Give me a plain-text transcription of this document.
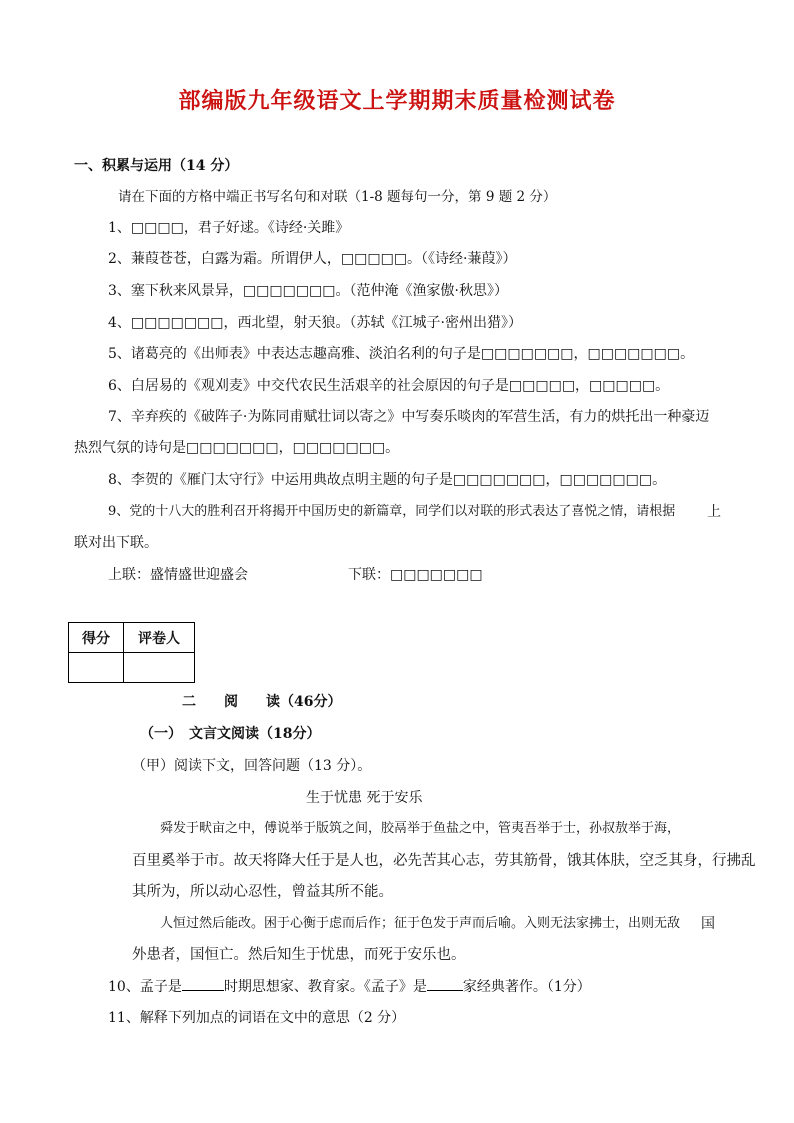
部编版九年级语文上学期期末质量检测试卷
一、积累与运用（14 分）
请在下面的方格中端正书写名句和对联（1-8 题每句一分，第 9 题 2 分）
1、□□□□，君子好逑。《诗经·关雎》
2、蒹葭苍苍，白露为霜。所谓伊人，□□□□□。（《诗经·蒹葭》）
3、塞下秋来风景异，□□□□□□□。（范仲淹《渔家傲·秋思》）
4、□□□□□□□，西北望，射天狼。（苏轼《江城子·密州出猎》）
5、诸葛亮的《出师表》中表达志趣高雅、淡泊名利的句子是□□□□□□□，□□□□□□□。
6、白居易的《观刈麦》中交代农民生活艰辛的社会原因的句子是□□□□□，□□□□□。
7、辛弃疾的《破阵子·为陈同甫赋壮词以寄之》中写奏乐啖肉的军营生活，有力的烘托出一种豪迈
热烈气氛的诗句是□□□□□□□，□□□□□□□。
8、李贺的《雁门太守行》中运用典故点明主题的句子是□□□□□□□，□□□□□□□。
9、党的十八大的胜利召开将揭开中国历史的新篇章，同学们以对联的形式表达了喜悦之情，请根据 上
联对出下联。
上联：盛情盛世迎盛会	下联：□□□□□□□
得分	评卷人

二　　阅　　读（46分）
（一）　文言文阅读（18分）
（甲）阅读下文，回答问题（13 分）。
生于忧患 死于安乐
舜发于畎亩之中，傅说举于版筑之间，胶鬲举于鱼盐之中，管夷吾举于士，孙叔敖举于海，
百里奚举于市。故天将降大任于是人也，必先苦其心志，劳其筋骨，饿其体肤，空乏其身，行拂乱
其所为，所以动心忍性，曾益其所不能。
人恒过然后能改。困于心衡于虑而后作；征于色发于声而后喻。入则无法家拂士，出则无敌 国
外患者，国恒亡。然后知生于忧患，而死于安乐也。
10、孟子是	时期思想家、教育家。《孟子》是	家经典著作。（1分）
11、解释下列加点的词语在文中的意思（2 分）
